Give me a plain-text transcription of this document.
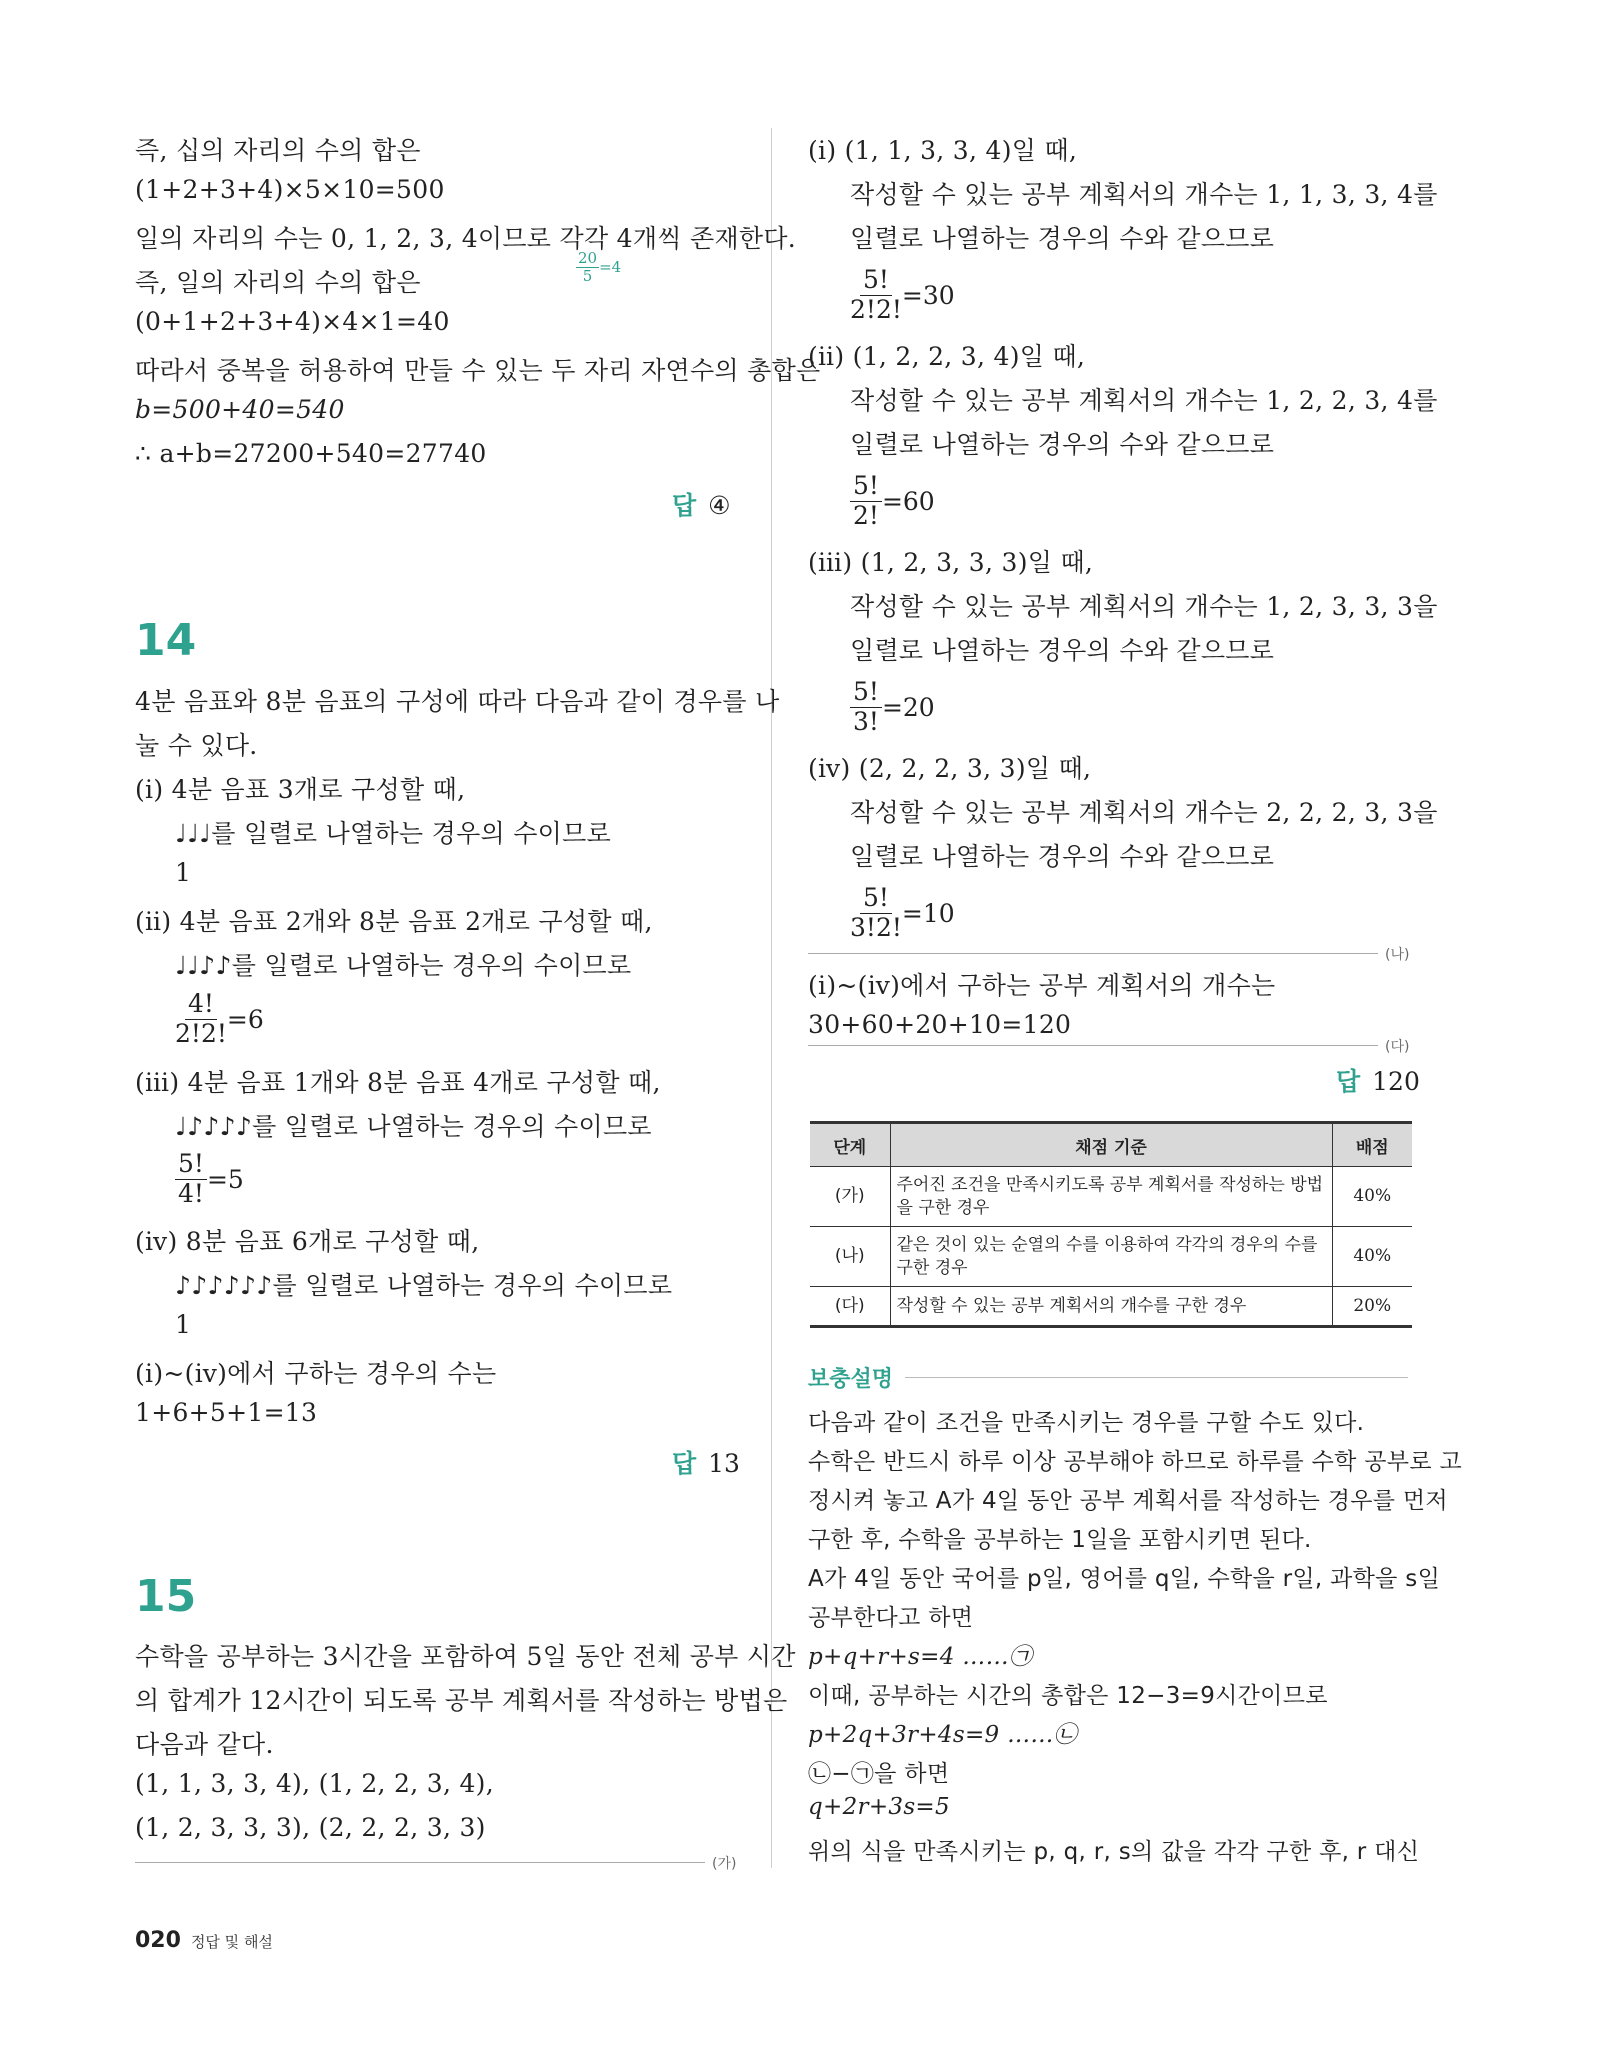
즉, 십의 자리의 수의 합은
(1+2+3+4)×5×10=500
일의 자리의 수는 0, 1, 2, 3, 4이므로 각각 4개씩 존재한다.
$\frac{20}{5} =4$
즉, 일의 자리의 수의 합은
(0+1+2+3+4)×4×1=40
따라서 중복을 허용하여 만들 수 있는 두 자리 자연수의 총합은
b=500+40=540
∴ a+b=27200+540=27740
답 ④
14
4분 음표와 8분 음표의 구성에 따라 다음과 같이 경우를 나
눌 수 있다.
(ⅰ) 4분 음표 3개로 구성할 때,
♩♩♩를 일렬로 나열하는 경우의 수이므로
1
(ⅱ) 4분 음표 2개와 8분 음표 2개로 구성할 때,
♩♩♪♪를 일렬로 나열하는 경우의 수이므로
$\frac{4!}{2!2!} =6$
(ⅲ) 4분 음표 1개와 8분 음표 4개로 구성할 때,
♩♪♪♪♪를 일렬로 나열하는 경우의 수이므로
$\frac{5!}{4!} =5$
(ⅳ) 8분 음표 6개로 구성할 때,
♪♪♪♪♪♪를 일렬로 나열하는 경우의 수이므로
1
(ⅰ)~(ⅳ)에서 구하는 경우의 수는
1+6+5+1=13
답 13
15
수학을 공부하는 3시간을 포함하여 5일 동안 전체 공부 시간
의 합계가 12시간이 되도록 공부 계획서를 작성하는 방법은
다음과 같다.
(1, 1, 3, 3, 4), (1, 2, 2, 3, 4),
(1, 2, 3, 3, 3), (2, 2, 2, 3, 3)
(가)
(ⅰ) (1, 1, 3, 3, 4)일 때,
작성할 수 있는 공부 계획서의 개수는 1, 1, 3, 3, 4를
일렬로 나열하는 경우의 수와 같으므로
$\frac{5!}{2!2!} =30$
(ⅱ) (1, 2, 2, 3, 4)일 때,
작성할 수 있는 공부 계획서의 개수는 1, 2, 2, 3, 4를
일렬로 나열하는 경우의 수와 같으므로
$\frac{5!}{2!} =60$
(ⅲ) (1, 2, 3, 3, 3)일 때,
작성할 수 있는 공부 계획서의 개수는 1, 2, 3, 3, 3을
일렬로 나열하는 경우의 수와 같으므로
$\frac{5!}{3!} =20$
(ⅳ) (2, 2, 2, 3, 3)일 때,
작성할 수 있는 공부 계획서의 개수는 2, 2, 2, 3, 3을
일렬로 나열하는 경우의 수와 같으므로
$\frac{5!}{3!2!} =10$
(나)
(ⅰ)~(ⅳ)에서 구하는 공부 계획서의 개수는
30+60+20+10=120
(다)
답 120
단계	채점 기준	배점
(가)	주어진 조건을 만족시키도록 공부 계획서를 작성하는 방법을 구한 경우	40%
(나)	같은 것이 있는 순열의 수를 이용하여 각각의 경우의 수를 구한 경우	40%
(다)	작성할 수 있는 공부 계획서의 개수를 구한 경우	20%
보충설명
다음과 같이 조건을 만족시키는 경우를 구할 수도 있다.
수학은 반드시 하루 이상 공부해야 하므로 하루를 수학 공부로 고
정시켜 놓고 A가 4일 동안 공부 계획서를 작성하는 경우를 먼저
구한 후, 수학을 공부하는 1일을 포함시키면 된다.
A가 4일 동안 국어를 p일, 영어를 q일, 수학을 r일, 과학을 s일
공부한다고 하면
p+q+r+s=4 ……㉠
이때, 공부하는 시간의 총합은 12−3=9시간이므로
p+2q+3r+4s=9 ……㉡
㉡−㉠을 하면
q+2r+3s=5
위의 식을 만족시키는 p, q, r, s의 값을 각각 구한 후, r 대신
020 정답 및 해설
